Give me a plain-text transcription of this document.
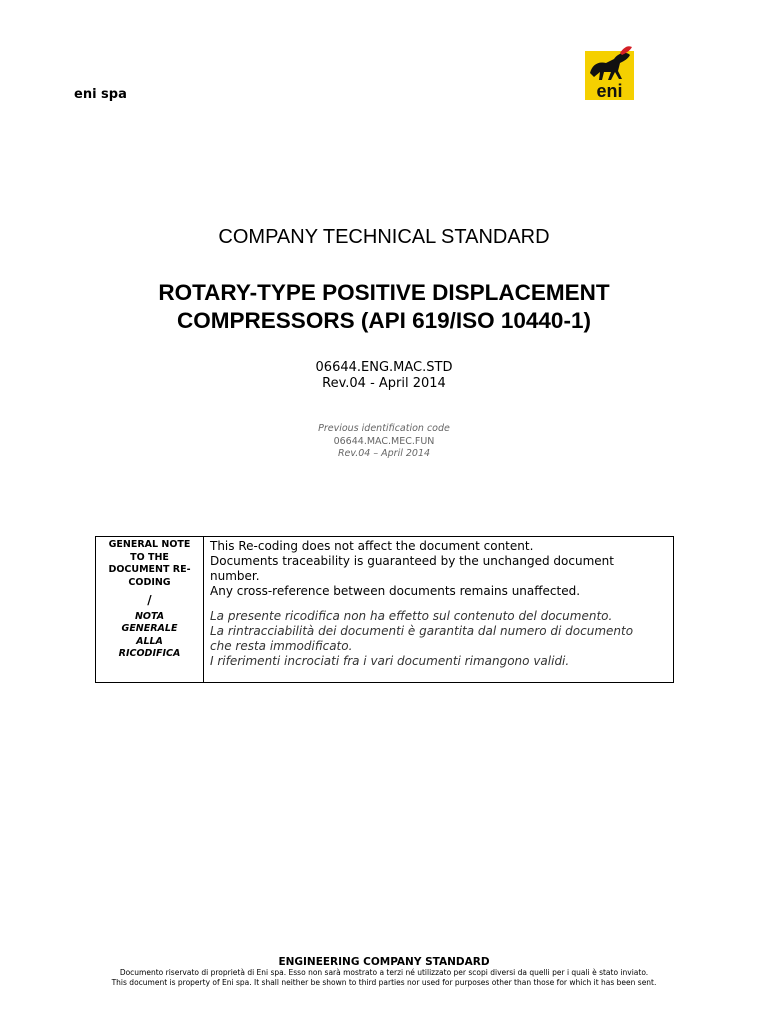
eni spa	eni
COMPANY TECHNICAL STANDARD
ROTARY-TYPE POSITIVE DISPLACEMENT
COMPRESSORS (API 619/ISO 10440-1)
06644.ENG.MAC.STD
Rev.04 - April 2014
Previous identification code
06644.MAC.MEC.FUN
Rev.04 – April 2014
GENERAL NOTE
TO THE
DOCUMENT RE-
CODING
/
NOTA
GENERALE
ALLA
RICODIFICA
This Re-coding does not affect the document content.
Documents traceability is guaranteed by the unchanged document
number.
Any cross-reference between documents remains unaffected.
La presente ricodifica non ha effetto sul contenuto del documento.
La rintracciabilità dei documenti è garantita dal numero di documento
che resta immodificato.
I riferimenti incrociati fra i vari documenti rimangono validi.
ENGINEERING COMPANY STANDARD
Documento riservato di proprietà di Eni spa. Esso non sarà mostrato a terzi né utilizzato per scopi diversi da quelli per i quali è stato inviato.
This document is property of Eni spa. It shall neither be shown to third parties nor used for purposes other than those for which it has been sent.
